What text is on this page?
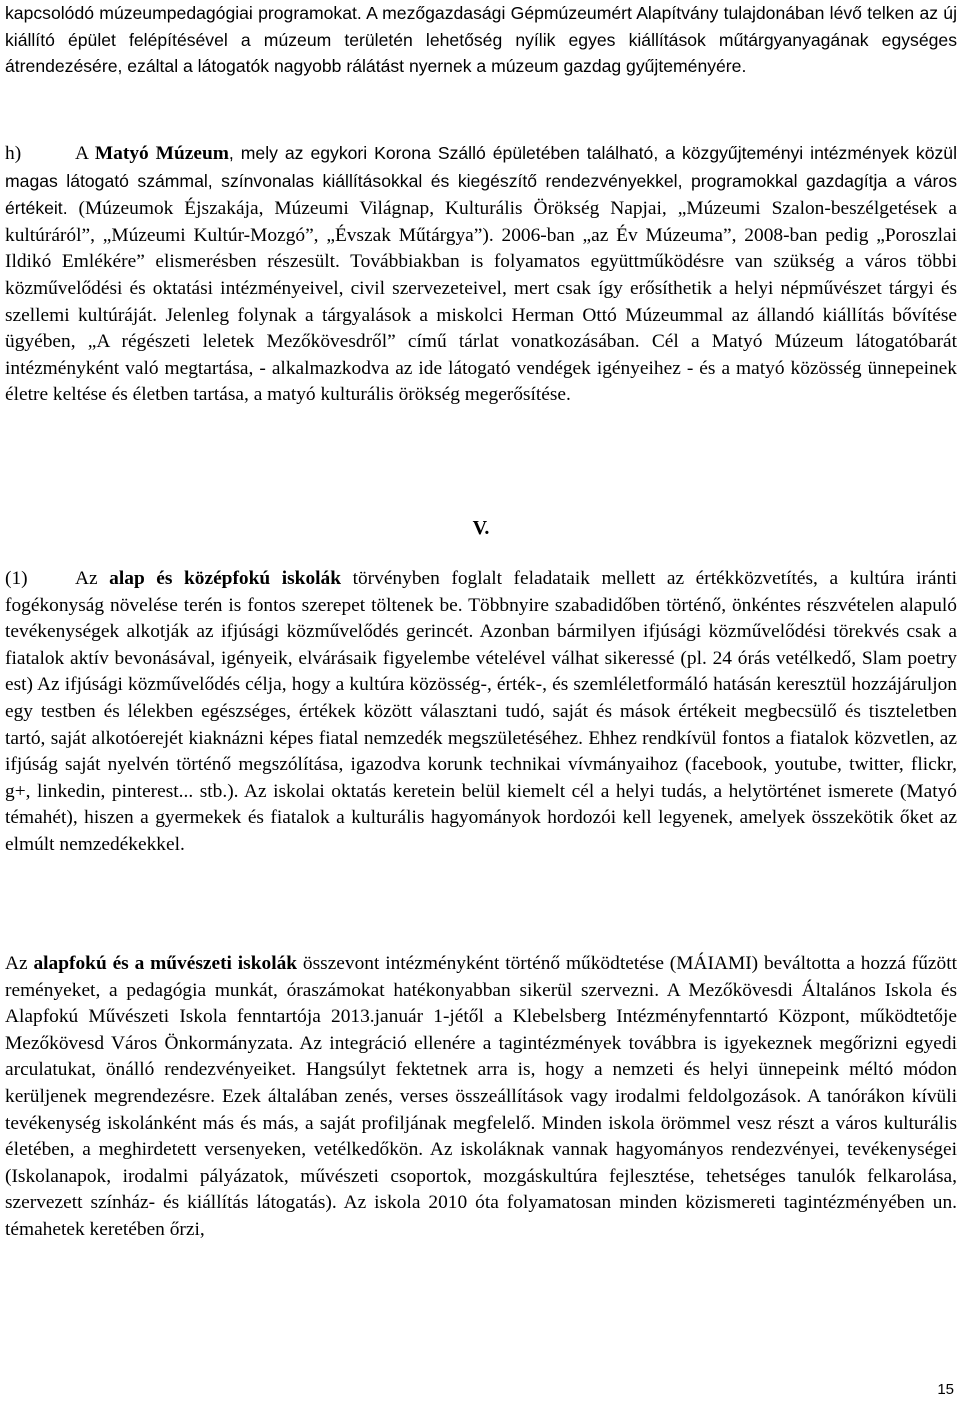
kapcsolódó múzeumpedagógiai programokat. A mezőgazdasági Gépmúzeumért Alapítvány tulajdonában lévő telken az új kiállító épület felépítésével a múzeum területén lehetőség nyílik egyes kiállítások műtárgyanyagának egységes átrendezésére, ezáltal a látogatók nagyobb rálátást nyernek a múzeum gazdag gyűjteményére.

h)	A Matyó Múzeum, mely az egykori Korona Szálló épületében található, a közgyűjteményi intézmények közül magas látogató számmal, színvonalas kiállításokkal és kiegészítő rendezvényekkel, programokkal gazdagítja a város értékeit. (Múzeumok Éjszakája, Múzeumi Világnap, Kulturális Örökség Napjai, „Múzeumi Szalon-beszélgetések a kultúráról”, „Múzeumi Kultúr-Mozgó”, „Évszak Műtárgya”). 2006-ban „az Év Múzeuma”, 2008-ban pedig „Poroszlai Ildikó Emlékére” elismerésben részesült. Továbbiakban is folyamatos együttműködésre van szükség a város többi közművelődési és oktatási intézményeivel, civil szervezeteivel, mert csak így erősíthetik a helyi népművészet tárgyi és szellemi kultúráját. Jelenleg folynak a tárgyalások a miskolci Herman Ottó Múzeummal az állandó kiállítás bővítése ügyében, „A régészeti leletek Mezőkövesdről” című tárlat vonatkozásában. Cél a Matyó Múzeum látogatóbarát intézményként való megtartása, - alkalmazkodva az ide látogató vendégek igényeihez - és a matyó közösség ünnepeinek életre keltése és életben tartása, a matyó kulturális örökség megerősítése.

V.

(1) Az alap és középfokú iskolák törvényben foglalt feladataik mellett az értékközvetítés, a kultúra iránti fogékonyság növelése terén is fontos szerepet töltenek be. Többnyire szabadidőben történő, önkéntes részvételen alapuló tevékenységek alkotják az ifjúsági közművelődés gerincét. Azonban bármilyen ifjúsági közművelődési törekvés csak a fiatalok aktív bevonásával, igényeik, elvárásaik figyelembe vételével válhat sikeressé (pl. 24 órás vetélkedő, Slam poetry est) Az ifjúsági közművelődés célja, hogy a kultúra közösség-, érték-, és szemléletformáló hatásán keresztül hozzájáruljon egy testben és lélekben egészséges, értékek között választani tudó, saját és mások értékeit megbecsülő és tiszteletben tartó, saját alkotóerejét kiaknázni képes fiatal nemzedék megszületéséhez. Ehhez rendkívül fontos a fiatalok közvetlen, az ifjúság saját nyelvén történő megszólítása, igazodva korunk technikai vívmányaihoz (facebook, youtube, twitter, flickr, g+, linkedin, pinterest... stb.). Az iskolai oktatás keretein belül kiemelt cél a helyi tudás, a helytörténet ismerete (Matyó témahét), hiszen a gyermekek és fiatalok a kulturális hagyományok hordozói kell legyenek, amelyek összekötik őket az elmúlt nemzedékekkel.

Az alapfokú és a művészeti iskolák összevont intézményként történő működtetése (MÁIAMI) beváltotta a hozzá fűzött reményeket, a pedagógia munkát, óraszámokat hatékonyabban sikerül szervezni. A Mezőkövesdi Általános Iskola és Alapfokú Művészeti Iskola fenntartója 2013.január 1-jétől a Klebelsberg Intézményfenntartó Központ, működtetője Mezőkövesd Város Önkormányzata. Az integráció ellenére a tagintézmények továbbra is igyekeznek megőrizni egyedi arculatukat, önálló rendezvényeiket. Hangsúlyt fektetnek arra is, hogy a nemzeti és helyi ünnepeink méltó módon kerüljenek megrendezésre. Ezek általában zenés, verses összeállítások vagy irodalmi feldolgozások. A tanórákon kívüli tevékenység iskolánként más és más, a saját profiljának megfelelő. Minden iskola örömmel vesz részt a város kulturális életében, a meghirdetett versenyeken, vetélkedőkön. Az iskoláknak vannak hagyományos rendezvényei, tevékenységei (Iskolanapok, irodalmi pályázatok, művészeti csoportok, mozgáskultúra fejlesztése, tehetséges tanulók felkarolása, szervezett színház- és kiállítás látogatás). Az iskola 2010 óta folyamatosan minden közismereti tagintézményében un. témahetek keretében őrzi,

15
